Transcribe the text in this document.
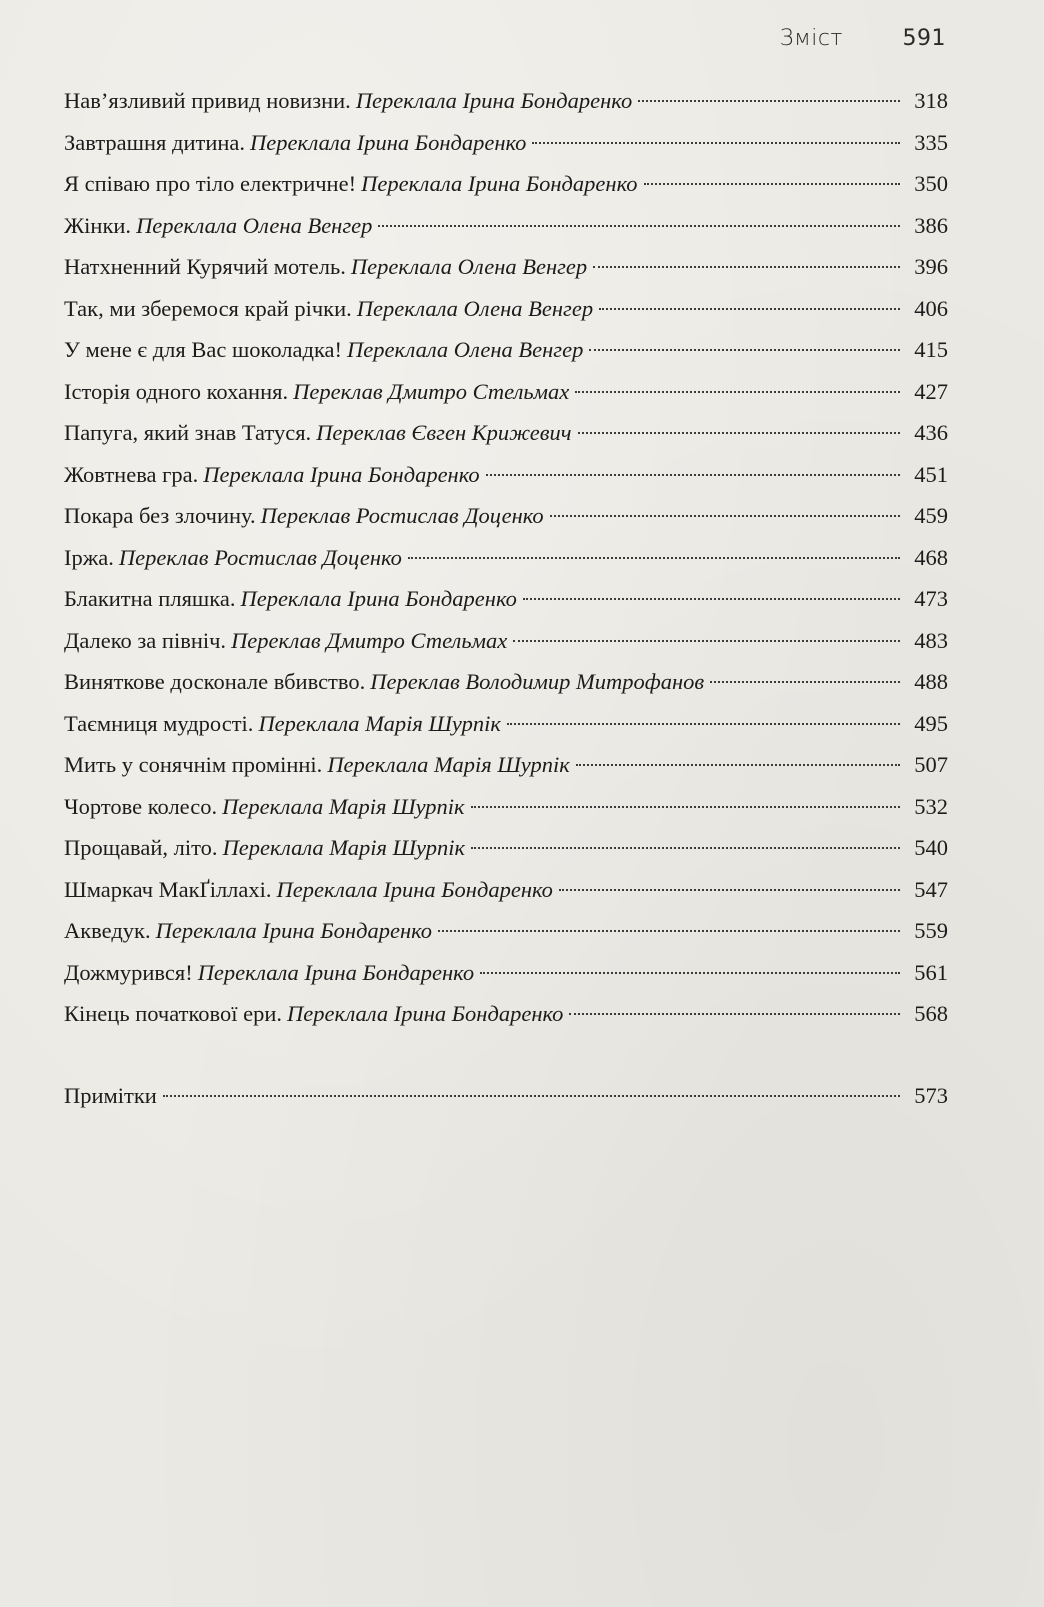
Зміст	591
Нав’язливий привид новизни. Переклала Ірина Бондаренко	318
Завтрашня дитина. Переклала Ірина Бондаренко	335
Я співаю про тіло електричне! Переклала Ірина Бондаренко	350
Жінки. Переклала Олена Венгер	386
Натхненний Курячий мотель. Переклала Олена Венгер	396
Так, ми зберемося край річки. Переклала Олена Венгер	406
У мене є для Вас шоколадка! Переклала Олена Венгер	415
Історія одного кохання. Переклав Дмитро Стельмах	427
Папуга, який знав Татуся. Переклав Євген Крижевич	436
Жовтнева гра. Переклала Ірина Бондаренко	451
Покара без злочину. Переклав Ростислав Доценко	459
Іржа. Переклав Ростислав Доценко	468
Блакитна пляшка. Переклала Ірина Бондаренко	473
Далеко за північ. Переклав Дмитро Стельмах	483
Виняткове досконале вбивство. Переклав Володимир Митрофанов	488
Таємниця мудрості. Переклала Марія Шурпік	495
Мить у сонячнім промінні. Переклала Марія Шурпік	507
Чортове колесо. Переклала Марія Шурпік	532
Прощавай, літо. Переклала Марія Шурпік	540
Шмаркач МакҐіллахі. Переклала Ірина Бондаренко	547
Акведук. Переклала Ірина Бондаренко	559
Дожмурився! Переклала Ірина Бондаренко	561
Кінець початкової ери. Переклала Ірина Бондаренко	568
Примітки	573
